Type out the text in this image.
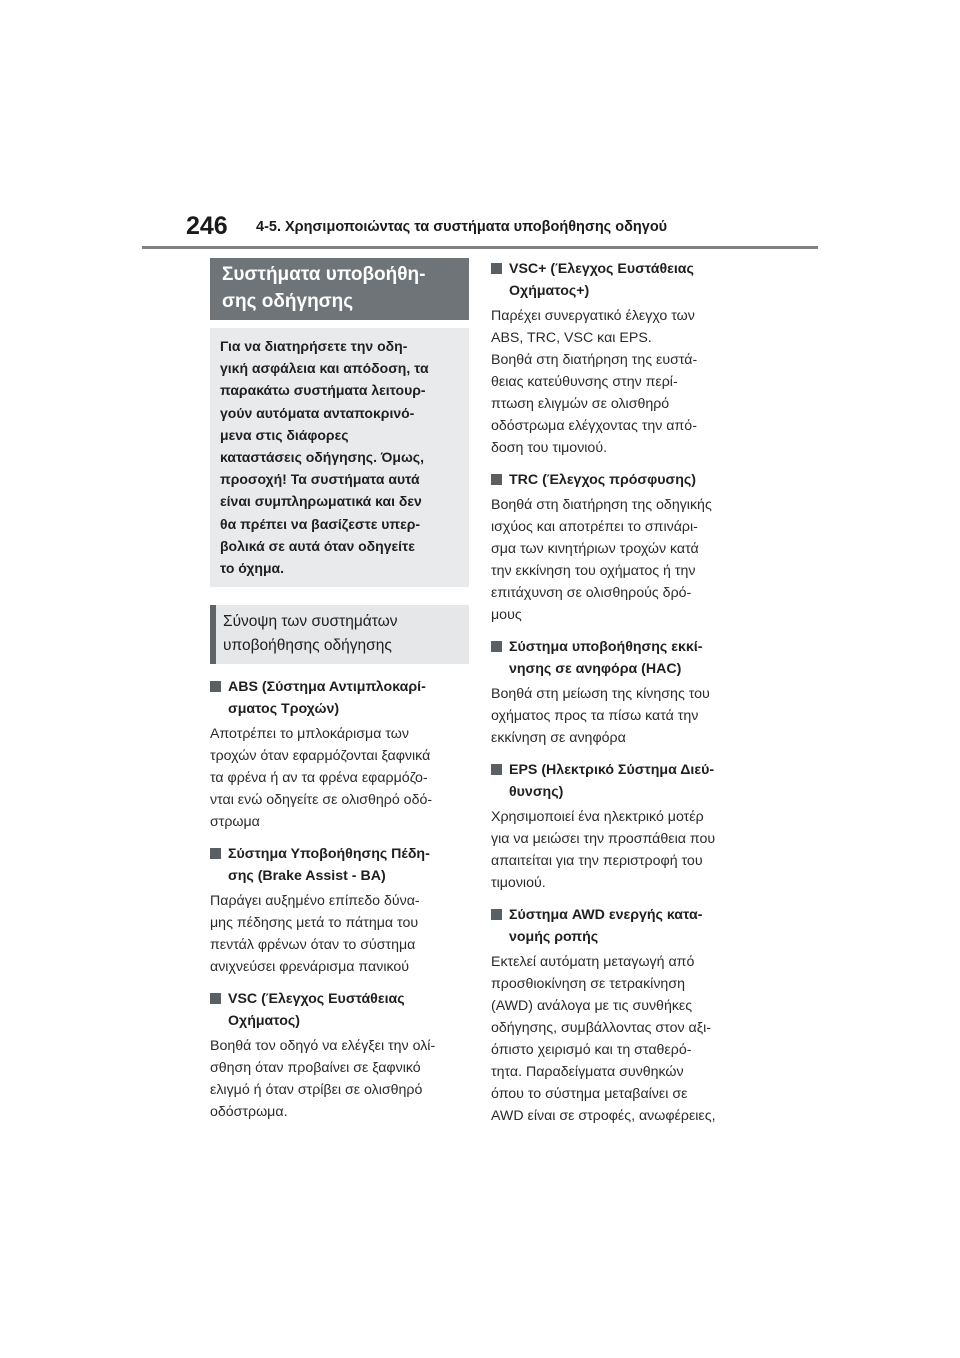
246 4-5. Χρησιμοποιώντας τα συστήματα υποβοήθησης οδηγού
Συστήματα υποβοήθη-
σης οδήγησης
Για να διατηρήσετε την οδη-
γική ασφάλεια και απόδοση, τα
παρακάτω συστήματα λειτουρ-
γούν αυτόματα ανταποκρινό-
μενα στις διάφορες
καταστάσεις οδήγησης. Όμως,
προσοχή! Τα συστήματα αυτά
είναι συμπληρωματικά και δεν
θα πρέπει να βασίζεστε υπερ-
βολικά σε αυτά όταν οδηγείτε
το όχημα.
Σύνοψη των συστημάτων
υποβοήθησης οδήγησης
ABS (Σύστημα Αντιμπλοκαρί-
σματος Τροχών)
Αποτρέπει το μπλοκάρισμα των
τροχών όταν εφαρμόζονται ξαφνικά
τα φρένα ή αν τα φρένα εφαρμόζο-
νται ενώ οδηγείτε σε ολισθηρό οδό-
στρωμα
Σύστημα Υποβοήθησης Πέδη-
σης (Brake Assist - BA)
Παράγει αυξημένο επίπεδο δύνα-
μης πέδησης μετά το πάτημα του
πεντάλ φρένων όταν το σύστημα
ανιχνεύσει φρενάρισμα πανικού
VSC (Έλεγχος Ευστάθειας
Οχήματος)
Βοηθά τον οδηγό να ελέγξει την ολί-
σθηση όταν προβαίνει σε ξαφνικό
ελιγμό ή όταν στρίβει σε ολισθηρό
οδόστρωμα.
VSC+ (Έλεγχος Ευστάθειας
Οχήματος+)
Παρέχει συνεργατικό έλεγχο των
ABS, TRC, VSC και EPS.
Βοηθά στη διατήρηση της ευστά-
θειας κατεύθυνσης στην περί-
πτωση ελιγμών σε ολισθηρό
οδόστρωμα ελέγχοντας την από-
δοση του τιμονιού.
TRC (Έλεγχος πρόσφυσης)
Βοηθά στη διατήρηση της οδηγικής
ισχύος και αποτρέπει το σπινάρι-
σμα των κινητήριων τροχών κατά
την εκκίνηση του οχήματος ή την
επιτάχυνση σε ολισθηρούς δρό-
μους
Σύστημα υποβοήθησης εκκί-
νησης σε ανηφόρα (HAC)
Βοηθά στη μείωση της κίνησης του
οχήματος προς τα πίσω κατά την
εκκίνηση σε ανηφόρα
EPS (Ηλεκτρικό Σύστημα Διεύ-
θυνσης)
Χρησιμοποιεί ένα ηλεκτρικό μοτέρ
για να μειώσει την προσπάθεια που
απαιτείται για την περιστροφή του
τιμονιού.
Σύστημα AWD ενεργής κατα-
νομής ροπής
Εκτελεί αυτόματη μεταγωγή από
προσθιοκίνηση σε τετρακίνηση
(AWD) ανάλογα με τις συνθήκες
οδήγησης, συμβάλλοντας στον αξι-
όπιστο χειρισμό και τη σταθερό-
τητα. Παραδείγματα συνθηκών
όπου το σύστημα μεταβαίνει σε
AWD είναι σε στροφές, ανωφέρειες,
